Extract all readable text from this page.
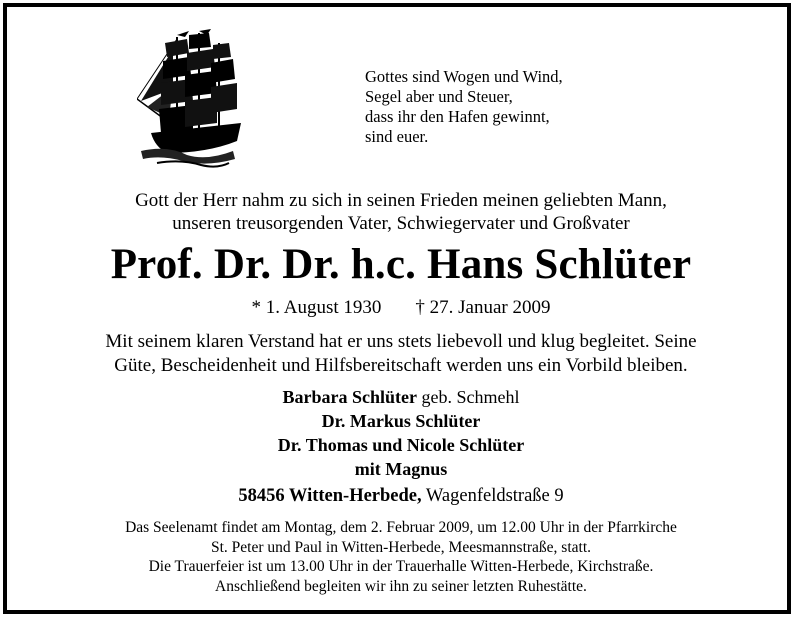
Gottes sind Wogen und Wind,
Segel aber und Steuer,
dass ihr den Hafen gewinnt,
sind euer.
Gott der Herr nahm zu sich in seinen Frieden meinen geliebten Mann,
unseren treusorgenden Vater, Schwiegervater und Großvater
Prof. Dr. Dr. h.c. Hans Schlüter
* 1. August 1930 † 27. Januar 2009
Mit seinem klaren Verstand hat er uns stets liebevoll und klug begleitet. Seine
Güte, Bescheidenheit und Hilfsbereitschaft werden uns ein Vorbild bleiben.
Barbara Schlüter geb. Schmehl
Dr. Markus Schlüter
Dr. Thomas und Nicole Schlüter
mit Magnus
58456 Witten-Herbede, Wagenfeldstraße 9
Das Seelenamt findet am Montag, dem 2. Februar 2009, um 12.00 Uhr in der Pfarrkirche
St. Peter und Paul in Witten-Herbede, Meesmannstraße, statt.
Die Trauerfeier ist um 13.00 Uhr in der Trauerhalle Witten-Herbede, Kirchstraße.
Anschließend begleiten wir ihn zu seiner letzten Ruhestätte.
